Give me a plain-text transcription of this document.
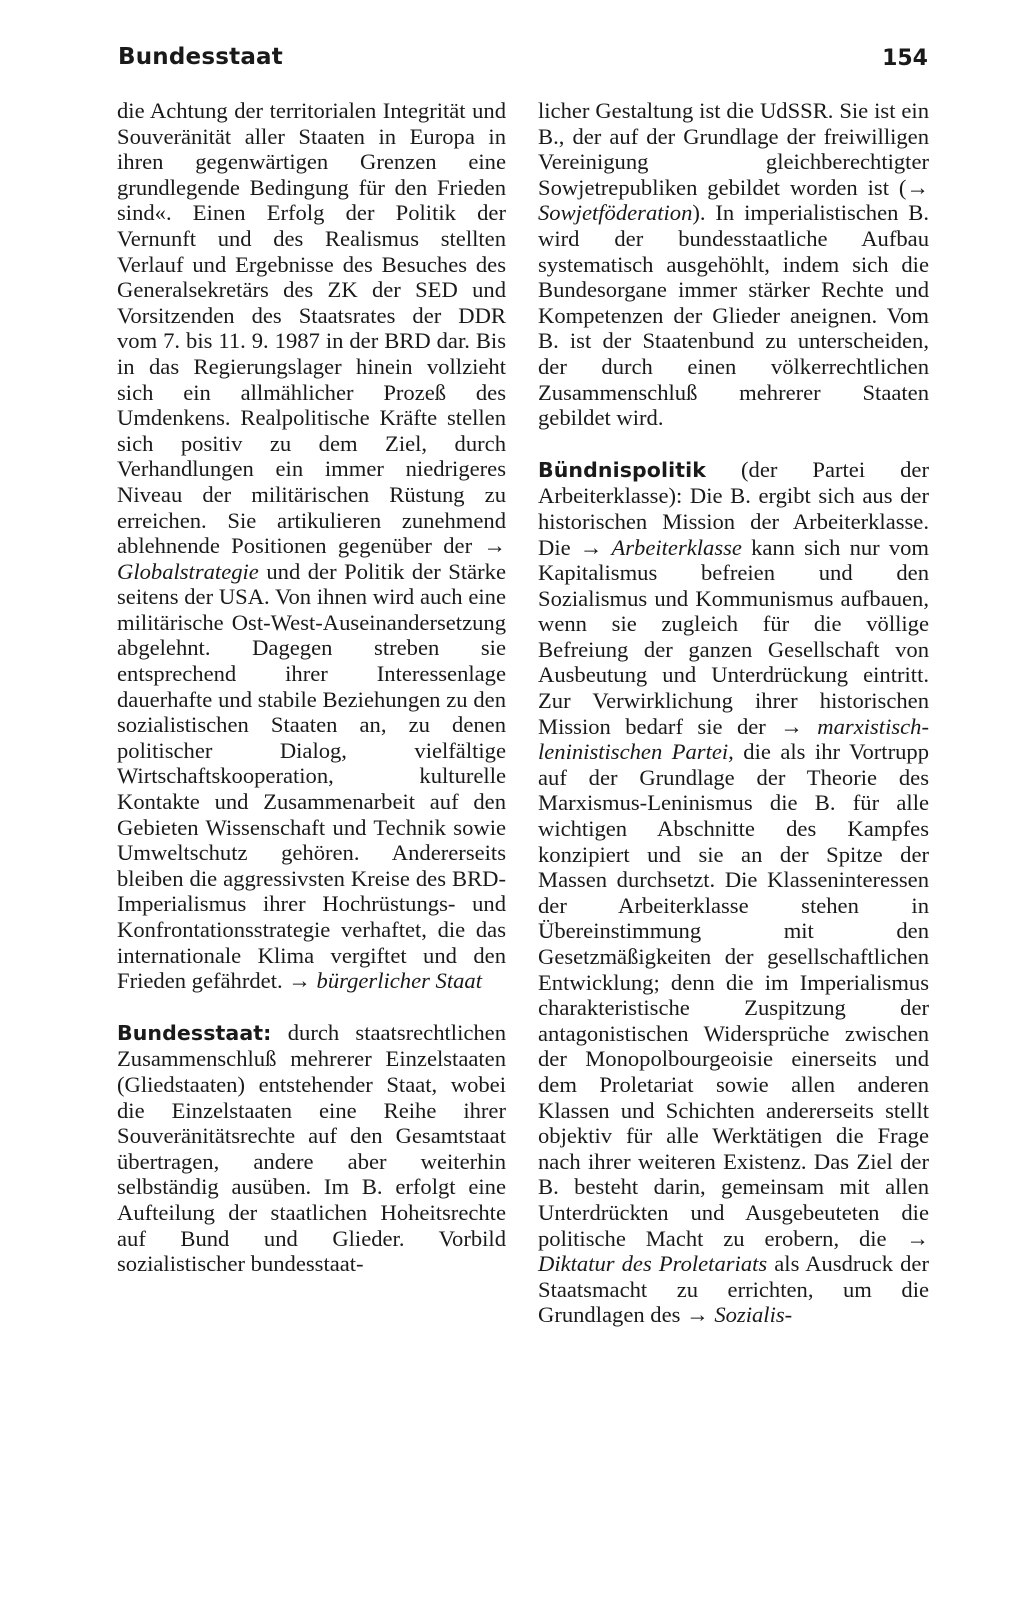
Bundesstaat	154

die Achtung der territorialen Integrität und Souveränität aller Staaten in Europa in ihren gegenwärtigen Grenzen eine grundlegende Bedingung für den Frieden sind«. Einen Erfolg der Politik der Vernunft und des Realismus stellten Verlauf und Ergebnisse des Besuches des Generalsekretärs des ZK der SED und Vorsitzenden des Staatsrates der DDR vom 7. bis 11. 9. 1987 in der BRD dar. Bis in das Regierungslager hinein vollzieht sich ein allmählicher Prozeß des Umdenkens. Realpolitische Kräfte stellen sich positiv zu dem Ziel, durch Verhandlungen ein immer niedrigeres Niveau der militärischen Rüstung zu erreichen. Sie artikulieren zunehmend ablehnende Positionen gegenüber der → Globalstrategie und der Politik der Stärke seitens der USA. Von ihnen wird auch eine militärische Ost-West-Auseinandersetzung abgelehnt. Dagegen streben sie entsprechend ihrer Interessenlage dauerhafte und stabile Beziehungen zu den sozialistischen Staaten an, zu denen politischer Dialog, vielfältige Wirtschaftskooperation, kulturelle Kontakte und Zusammenarbeit auf den Gebieten Wissenschaft und Technik sowie Umweltschutz gehören. Andererseits bleiben die aggressivsten Kreise des BRD-Imperialismus ihrer Hochrüstungs- und Konfrontationsstrategie verhaftet, die das internationale Klima vergiftet und den Frieden gefährdet. → bürgerlicher Staat

Bundesstaat: durch staatsrechtlichen Zusammenschluß mehrerer Einzelstaaten (Gliedstaaten) entstehender Staat, wobei die Einzelstaaten eine Reihe ihrer Souveränitätsrechte auf den Gesamtstaat übertragen, andere aber weiterhin selbständig ausüben. Im B. erfolgt eine Aufteilung der staatlichen Hoheitsrechte auf Bund und Glieder. Vorbild sozialistischer bundesstaat-

licher Gestaltung ist die UdSSR. Sie ist ein B., der auf der Grundlage der freiwilligen Vereinigung gleichberechtigter Sowjetrepubliken gebildet worden ist (→ Sowjetföderation). In imperialistischen B. wird der bundesstaatliche Aufbau systematisch ausgehöhlt, indem sich die Bundesorgane immer stärker Rechte und Kompetenzen der Glieder aneignen. Vom B. ist der Staatenbund zu unterscheiden, der durch einen völkerrechtlichen Zusammenschluß mehrerer Staaten gebildet wird.

Bündnispolitik (der Partei der Arbeiterklasse): Die B. ergibt sich aus der historischen Mission der Arbeiterklasse. Die → Arbeiterklasse kann sich nur vom Kapitalismus befreien und den Sozialismus und Kommunismus aufbauen, wenn sie zugleich für die völlige Befreiung der ganzen Gesellschaft von Ausbeutung und Unterdrückung eintritt. Zur Verwirklichung ihrer historischen Mission bedarf sie der → marxistisch-leninistischen Partei, die als ihr Vortrupp auf der Grundlage der Theorie des Marxismus-Leninismus die B. für alle wichtigen Abschnitte des Kampfes konzipiert und sie an der Spitze der Massen durchsetzt. Die Klasseninteressen der Arbeiterklasse stehen in Übereinstimmung mit den Gesetzmäßigkeiten der gesellschaftlichen Entwicklung; denn die im Imperialismus charakteristische Zuspitzung der antagonistischen Widersprüche zwischen der Monopolbourgeoisie einerseits und dem Proletariat sowie allen anderen Klassen und Schichten andererseits stellt objektiv für alle Werktätigen die Frage nach ihrer weiteren Existenz. Das Ziel der B. besteht darin, gemeinsam mit allen Unterdrückten und Ausgebeuteten die politische Macht zu erobern, die → Diktatur des Proletariats als Ausdruck der Staatsmacht zu errichten, um die Grundlagen des → Sozialis-
